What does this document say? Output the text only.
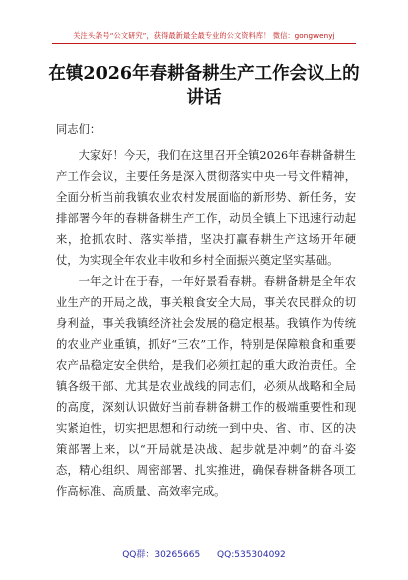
关注头条号“公文研究”，获得最新最全最专业的公文资料库！ 微信：gongwenyj
在镇2026年春耕备耕生产工作会议上的
讲话

同志们：

大家好！今天，我们在这里召开全镇2026年春耕备耕生产工作会议，主要任务是深入贯彻落实中央一号文件精神，全面分析当前我镇农业农村发展面临的新形势、新任务，安排部署今年的春耕备耕生产工作，动员全镇上下迅速行动起来，抢抓农时、落实举措，坚决打赢春耕生产这场开年硬仗，为实现全年农业丰收和乡村全面振兴奠定坚实基础。

一年之计在于春，一年好景看春耕。春耕备耕是全年农业生产的开局之战，事关粮食安全大局，事关农民群众的切身利益，事关我镇经济社会发展的稳定根基。我镇作为传统的农业产业重镇，抓好“三农”工作，特别是保障粮食和重要农产品稳定安全供给，是我们必须扛起的重大政治责任。全镇各级干部、尤其是农业战线的同志们，必须从战略和全局的高度，深刻认识做好当前春耕备耕工作的极端重要性和现实紧迫性，切实把思想和行动统一到中央、省、市、区的决策部署上来，以“开局就是决战、起步就是冲刺”的奋斗姿态，精心组织、周密部署、扎实推进，确保春耕备耕各项工作高标准、高质量、高效率完成。

QQ群：30265665 QQ:535304092
